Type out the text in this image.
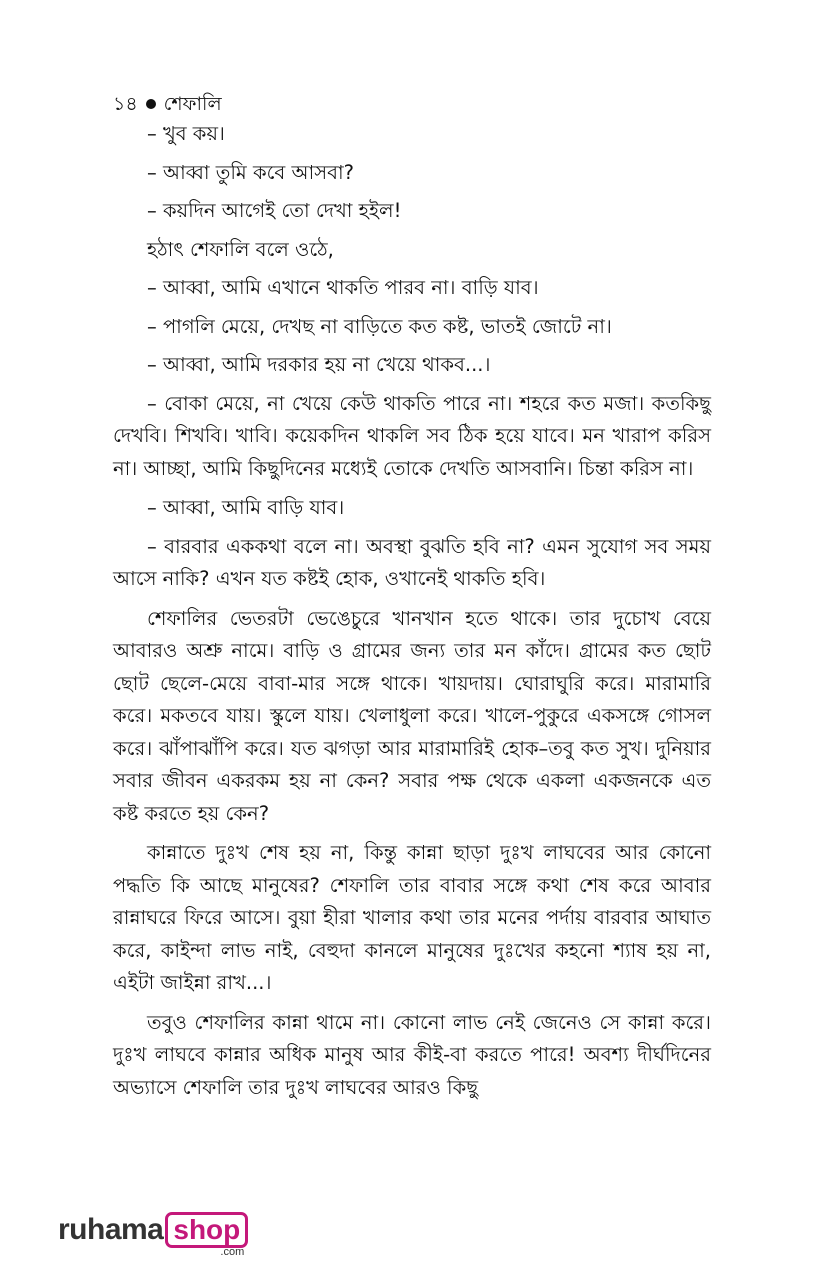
১৪ শেফালি

– খুব কয়।

– আব্বা তুমি কবে আসবা?

– কয়দিন আগেই তো দেখা হইল!

হঠাৎ শেফালি বলে ওঠে,

– আব্বা, আমি এখানে থাকতি পারব না। বাড়ি যাব।

– পাগলি মেয়ে, দেখছ না বাড়িতে কত কষ্ট, ভাতই জোটে না।

– আব্বা, আমি দরকার হয় না খেয়ে থাকব...।

– বোকা মেয়ে, না খেয়ে কেউ থাকতি পারে না। শহরে কত মজা। কতকিছু দেখবি। শিখবি। খাবি। কয়েকদিন থাকলি সব ঠিক হয়ে যাবে। মন খারাপ করিস না। আচ্ছা, আমি কিছুদিনের মধ্যেই তোকে দেখতি আসবানি। চিন্তা করিস না।

– আব্বা, আমি বাড়ি যাব।

– বারবার এককথা বলে না। অবস্থা বুঝতি হবি না? এমন সুযোগ সব সময় আসে নাকি? এখন যত কষ্টই হোক, ওখানেই থাকতি হবি।

শেফালির ভেতরটা ভেঙেচুরে খানখান হতে থাকে। তার দুচোখ বেয়ে আবারও অশ্রু নামে। বাড়ি ও গ্রামের জন্য তার মন কাঁদে। গ্রামের কত ছোট ছোট ছেলে-মেয়ে বাবা-মার সঙ্গে থাকে। খায়দায়। ঘোরাঘুরি করে। মারামারি করে। মকতবে যায়। স্কুলে যায়। খেলাধুলা করে। খালে-পুকুরে একসঙ্গে গোসল করে। ঝাঁপাঝাঁপি করে। যত ঝগড়া আর মারামারিই হোক–তবু কত সুখ। দুনিয়ার সবার জীবন একরকম হয় না কেন? সবার পক্ষ থেকে একলা একজনকে এত কষ্ট করতে হয় কেন?

কান্নাতে দুঃখ শেষ হয় না, কিন্তু কান্না ছাড়া দুঃখ লাঘবের আর কোনো পদ্ধতি কি আছে মানুষের? শেফালি তার বাবার সঙ্গে কথা শেষ করে আবার রান্নাঘরে ফিরে আসে। বুয়া হীরা খালার কথা তার মনের পর্দায় বারবার আঘাত করে, কাইন্দা লাভ নাই, বেহুদা কানলে মানুষের দুঃখের কহনো শ্যাষ হয় না, এইটা জাইন্না রাখ...।

তবুও শেফালির কান্না থামে না। কোনো লাভ নেই জেনেও সে কান্না করে। দুঃখ লাঘবে কান্নার অধিক মানুষ আর কীই-বা করতে পারে! অবশ্য দীর্ঘদিনের অভ্যাসে শেফালি তার দুঃখ লাঘবের আরও কিছু

ruhama shop
.com
